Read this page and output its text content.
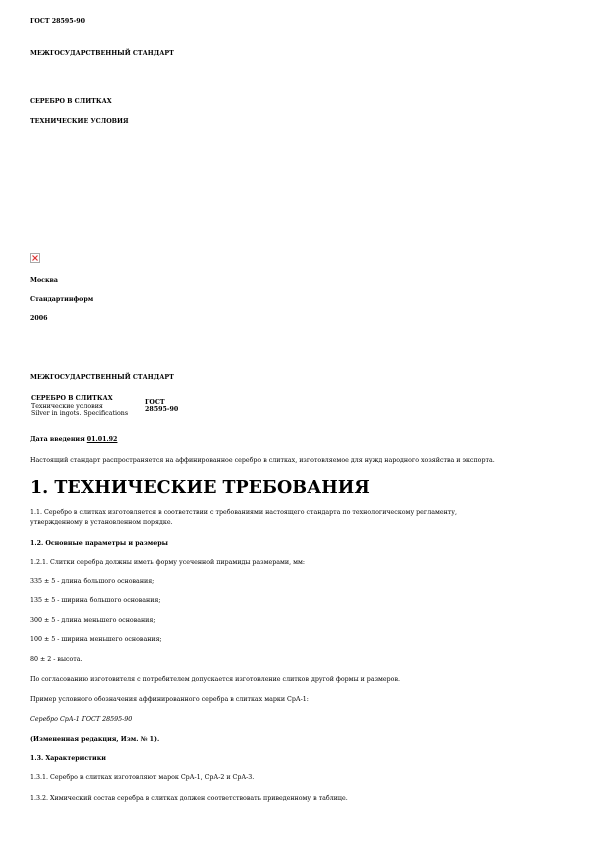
ГОСТ 28595-90
МЕЖГОСУДАРСТВЕННЫЙ СТАНДАРТ
СЕРЕБРО В СЛИТКАХ
ТЕХНИЧЕСКИЕ УСЛОВИЯ
Москва
Стандартинформ
2006
МЕЖГОСУДАРСТВЕННЫЙ СТАНДАРТ
СЕРЕБРО В СЛИТКАХ
Технические условия
Silver in ingots. Specifications

ГОСТ
28595-90
Дата введения 01.01.92
Настоящий стандарт распространяется на аффинированное серебро в слитках, изготовляемое для нужд народного хозяйства и экспорта.
1. ТЕХНИЧЕСКИЕ ТРЕБОВАНИЯ
1.1. Серебро в слитках изготовляется в соответствии с требованиями настоящего стандарта по технологическому регламенту,
утвержденному в установленном порядке.
1.2. Основные параметры и размеры
1.2.1. Слитки серебра должны иметь форму усеченной пирамиды размерами, мм:
335 ± 5 - длина большого основания;
135 ± 5 - ширина большого основания;
300 ± 5 - длина меньшего основания;
100 ± 5 - ширина меньшего основания;
80 ± 2 - высота.
По согласованию изготовителя с потребителем допускается изготовление слитков другой формы и размеров.
Пример условного обозначения аффинированного серебра в слитках марки СрА-1:
Серебро СрА-1 ГОСТ 28595-90
(Измененная редакция, Изм. № 1).
1.3. Характеристики
1.3.1. Серебро в слитках изготовляют марок СрА-1, СрА-2 и СрА-3.
1.3.2. Химический состав серебра в слитках должен соответствовать приведенному в таблице.
